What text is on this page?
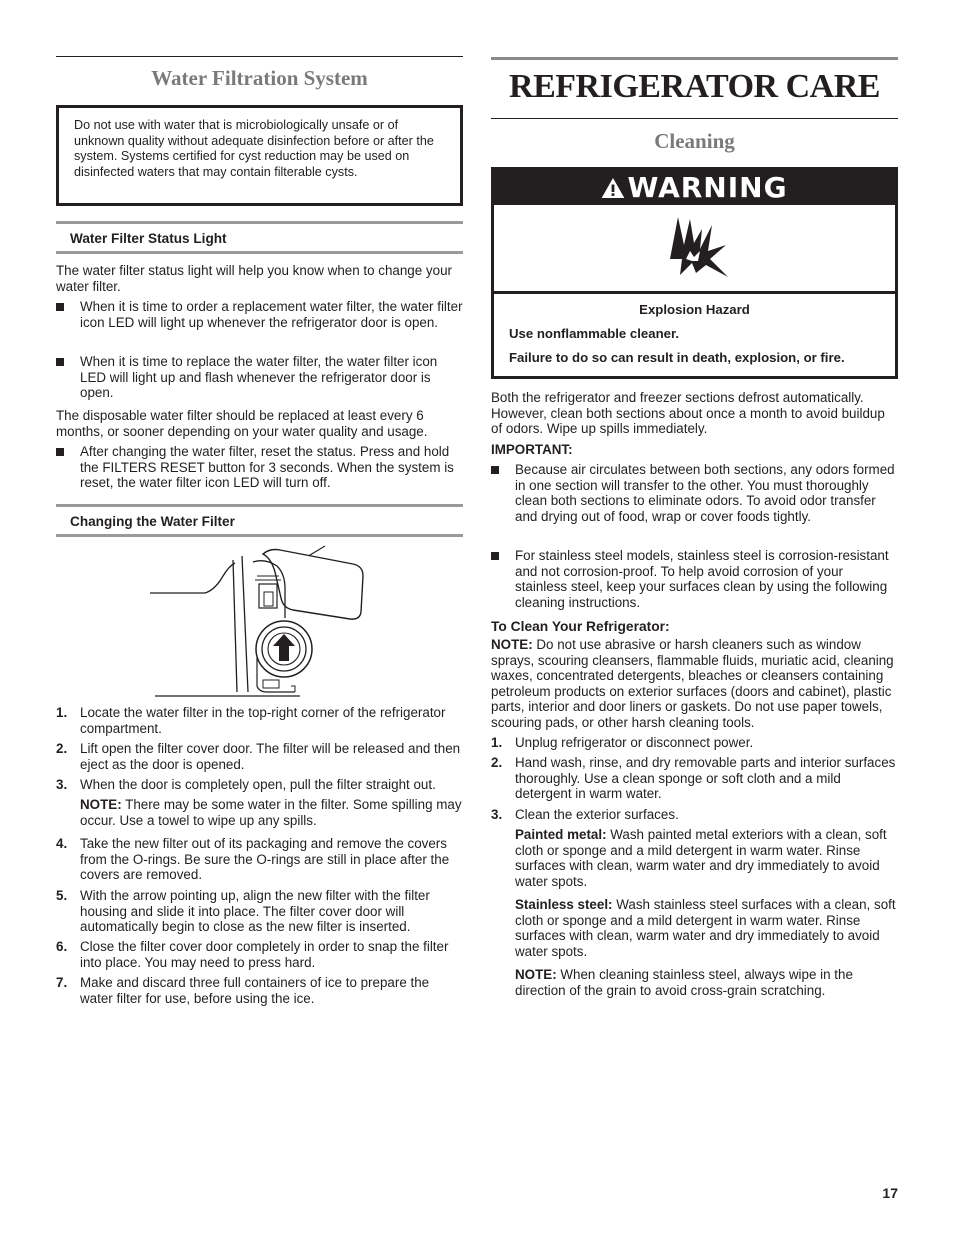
Water Filtration System

Do not use with water that is microbiologically unsafe or of unknown quality without adequate disinfection before or after the system. Systems certified for cyst reduction may be used on disinfected waters that may contain filterable cysts.

Water Filter Status Light

The water filter status light will help you know when to change your water filter.

When it is time to order a replacement water filter, the water filter icon LED will light up whenever the refrigerator door is open.

When it is time to replace the water filter, the water filter icon LED will light up and flash whenever the refrigerator door is open.

The disposable water filter should be replaced at least every 6 months, or sooner depending on your water quality and usage.

After changing the water filter, reset the status. Press and hold the FILTERS RESET button for 3 seconds. When the system is reset, the water filter icon LED will turn off.

Changing the Water Filter
1. Locate the water filter in the top-right corner of the refrigerator compartment.

2. Lift open the filter cover door. The filter will be released and then eject as the door is opened.

3. When the door is completely open, pull the filter straight out.

NOTE: There may be some water in the filter. Some spilling may occur. Use a towel to wipe up any spills.

4. Take the new filter out of its packaging and remove the covers from the O-rings. Be sure the O-rings are still in place after the covers are removed.

5. With the arrow pointing up, align the new filter with the filter housing and slide it into place. The filter cover door will automatically begin to close as the new filter is inserted.

6. Close the filter cover door completely in order to snap the filter into place. You may need to press hard.

7. Make and discard three full containers of ice to prepare the water filter for use, before using the ice.

REFRIGERATOR CARE
Cleaning
WARNING

Explosion Hazard

Use nonflammable cleaner.

Failure to do so can result in death, explosion, or fire.

Both the refrigerator and freezer sections defrost automatically. However, clean both sections about once a month to avoid buildup of odors. Wipe up spills immediately.

IMPORTANT:

Because air circulates between both sections, any odors formed in one section will transfer to the other. You must thoroughly clean both sections to eliminate odors. To avoid odor transfer and drying out of food, wrap or cover foods tightly.

For stainless steel models, stainless steel is corrosion-resistant and not corrosion-proof. To help avoid corrosion of your stainless steel, keep your surfaces clean by using the following cleaning instructions.

To Clean Your Refrigerator:

NOTE: Do not use abrasive or harsh cleaners such as window sprays, scouring cleansers, flammable fluids, muriatic acid, cleaning waxes, concentrated detergents, bleaches or cleansers containing petroleum products on exterior surfaces (doors and cabinet), plastic parts, interior and door liners or gaskets. Do not use paper towels, scouring pads, or other harsh cleaning tools.

1. Unplug refrigerator or disconnect power.

2. Hand wash, rinse, and dry removable parts and interior surfaces thoroughly. Use a clean sponge or soft cloth and a mild detergent in warm water.

3. Clean the exterior surfaces.

Painted metal: Wash painted metal exteriors with a clean, soft cloth or sponge and a mild detergent in warm water. Rinse surfaces with clean, warm water and dry immediately to avoid water spots.

Stainless steel: Wash stainless steel surfaces with a clean, soft cloth or sponge and a mild detergent in warm water. Rinse surfaces with clean, warm water and dry immediately to avoid water spots.

NOTE: When cleaning stainless steel, always wipe in the direction of the grain to avoid cross-grain scratching.

17
